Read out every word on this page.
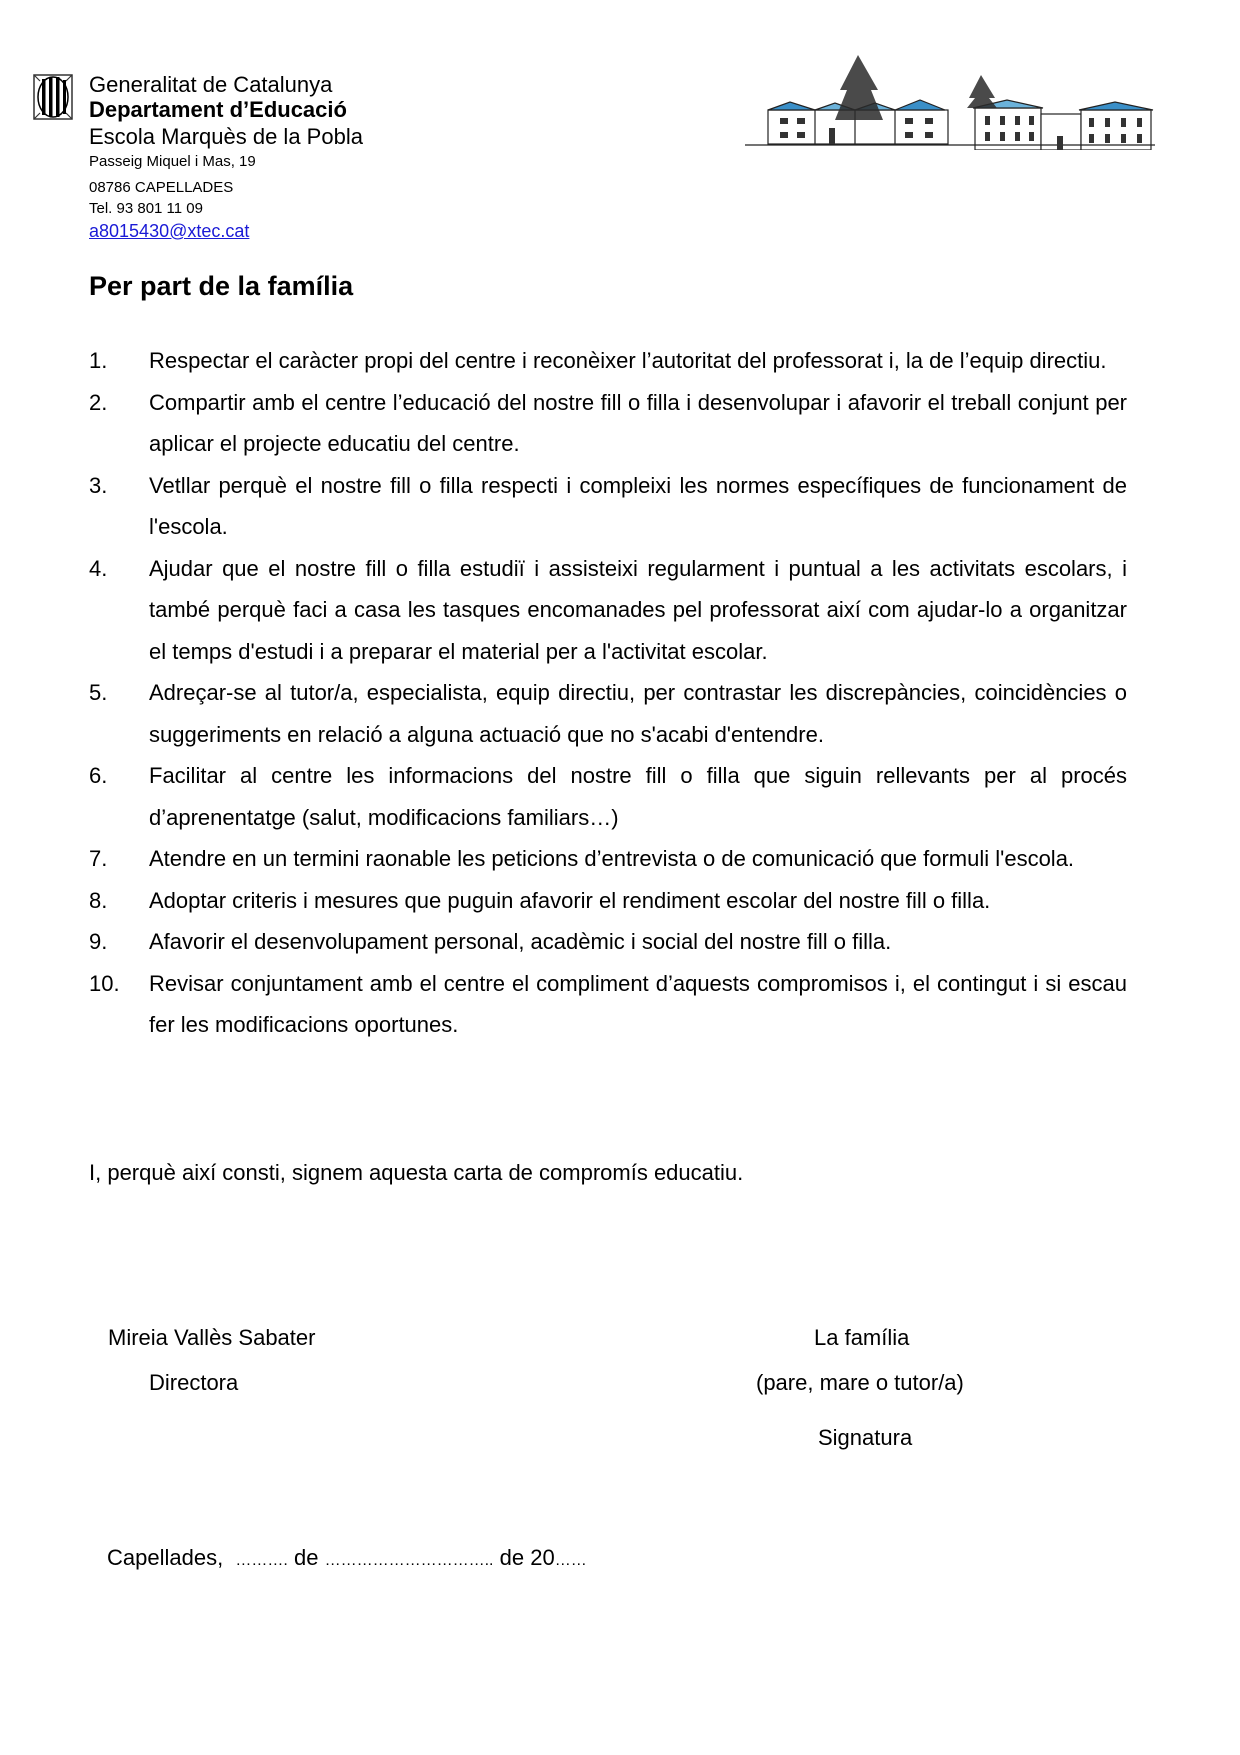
Generalitat de Catalunya
Departament d’Educació
Escola Marquès de la Pobla
Passeig Miquel i Mas, 19
08786 CAPELLADES
Tel. 93 801 11 09
a8015430@xtec.cat
Per part de la família
1. Respectar el caràcter propi del centre i reconèixer l’autoritat del professorat i, la de l’equip directiu.
2. Compartir amb el centre l’educació del nostre fill o filla i desenvolupar i afavorir el treball conjunt per aplicar el projecte educatiu del centre.
3. Vetllar perquè el nostre fill o filla respecti i compleixi les normes específiques de funcionament de l'escola.
4. Ajudar que el nostre fill o filla estudiï i assisteixi regularment i puntual a les activitats escolars, i també perquè faci a casa les tasques encomanades pel professorat així com ajudar-lo a organitzar el temps d'estudi i a preparar el material per a l'activitat escolar.
5. Adreçar-se al tutor/a, especialista, equip directiu, per contrastar les discrepàncies, coincidències o suggeriments en relació a alguna actuació que no s'acabi d'entendre.
6. Facilitar al centre les informacions del nostre fill o filla que siguin rellevants per al procés d’aprenentatge (salut, modificacions familiars…)
7. Atendre en un termini raonable les peticions d’entrevista o de comunicació que formuli l'escola.
8. Adoptar criteris i mesures que puguin afavorir el rendiment escolar del nostre fill o filla.
9. Afavorir el desenvolupament personal, acadèmic i social del nostre fill o filla.
10. Revisar conjuntament amb el centre el compliment d’aquests compromisos i, el contingut i si escau fer les modificacions oportunes.
I, perquè així consti, signem aquesta carta de compromís educatiu.
Mireia Vallès Sabater
Directora
La família
(pare, mare o tutor/a)
Signatura
Capellades, ………. de ………………………….. de 20……
